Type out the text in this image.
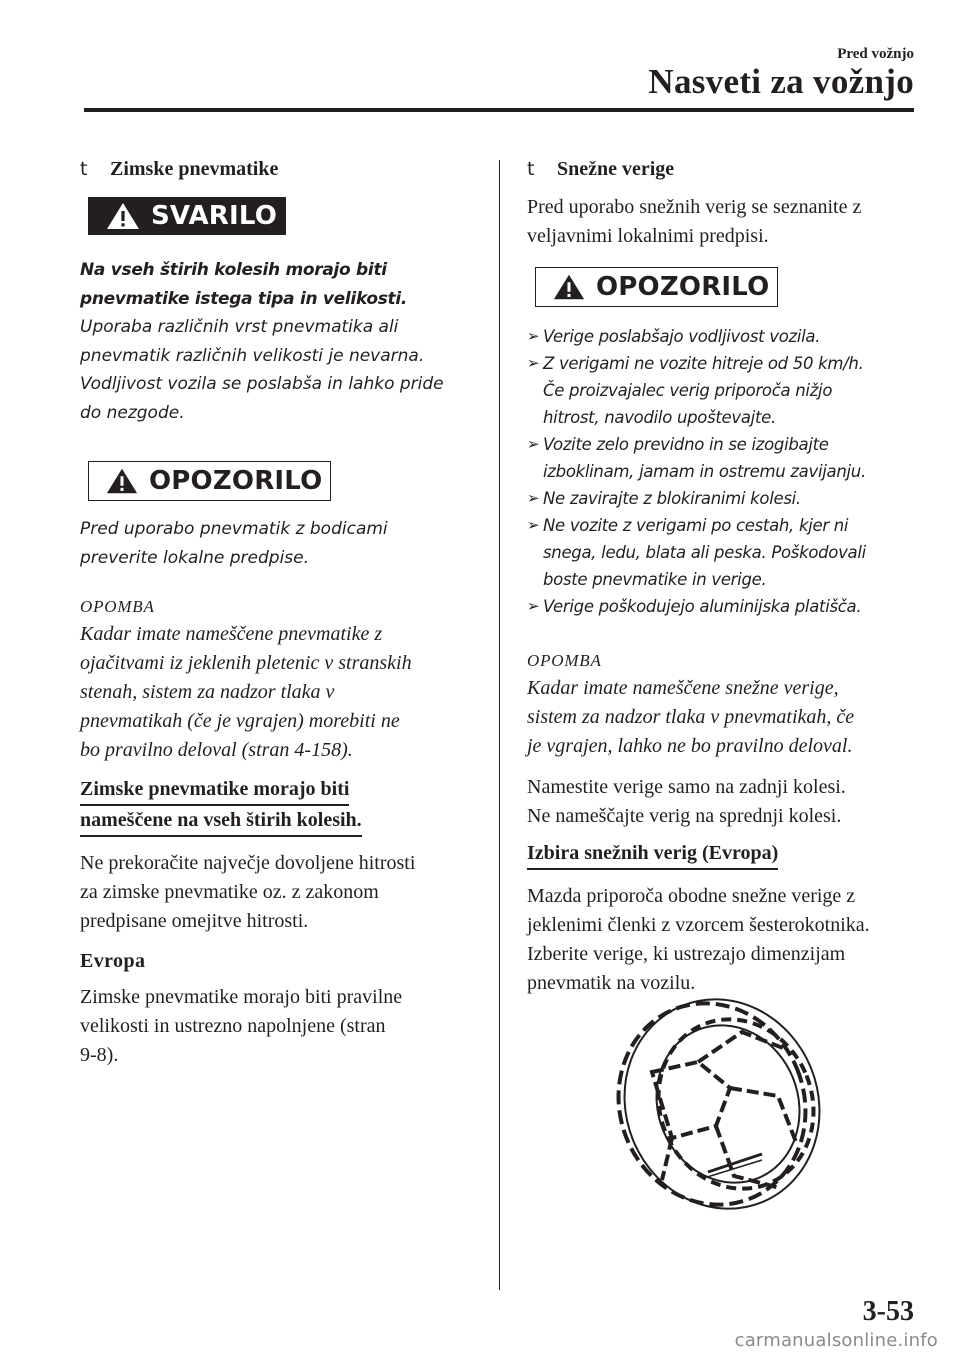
Pred vožnjo
Nasveti za vožnjo
t	Zimske pnevmatike
SVARILO

Na vseh štirih kolesih morajo biti

pnevmatike istega tipa in velikosti.

Uporaba različnih vrst pnevmatika ali

pnevmatik različnih velikosti je nevarna.

Vodljivost vozila se poslabša in lahko pride

do nezgode.

OPOZORILO

Pred uporabo pnevmatik z bodicami

preverite lokalne predpise.

OPOMBA

Kadar imate nameščene pnevmatike z

ojačitvami iz jeklenih pletenic v stranskih

stenah, sistem za nadzor tlaka v

pnevmatikah (če je vgrajen) morebiti ne

bo pravilno deloval (stran 4-158).

Zimske pnevmatike morajo biti
nameščene na vseh štirih kolesih.

Ne prekoračite največje dovoljene hitrosti

za zimske pnevmatike oz. z zakonom

predpisane omejitve hitrosti.

Evropa

Zimske pnevmatike morajo biti pravilne

velikosti in ustrezno napolnjene (stran

9-8).

t	Snežne verige

Pred uporabo snežnih verig se seznanite z

veljavnimi lokalnimi predpisi.

OPOZORILO
➢ Verige poslabšajo vodljivost vozila.
➢ Z verigami ne vozite hitreje od 50 km/h.
Če proizvajalec verig priporoča nižjo
hitrost, navodilo upoštevajte.
➢ Vozite zelo previdno in se izogibajte
izboklinam, jamam in ostremu zavijanju.
➢ Ne zavirajte z blokiranimi kolesi.
➢ Ne vozite z verigami po cestah, kjer ni
snega, ledu, blata ali peska. Poškodovali
boste pnevmatike in verige.
➢ Verige poškodujejo aluminijska platišča.

OPOMBA

Kadar imate nameščene snežne verige,

sistem za nadzor tlaka v pnevmatikah, če

je vgrajen, lahko ne bo pravilno deloval.

Namestite verige samo na zadnji kolesi.

Ne nameščajte verig na sprednji kolesi.

Izbira snežnih verig (Evropa)

Mazda priporoča obodne snežne verige z

jeklenimi členki z vzorcem šesterokotnika.

Izberite verige, ki ustrezajo dimenzijam

pnevmatik na vozilu.

3-53
carmanualsonline.info
